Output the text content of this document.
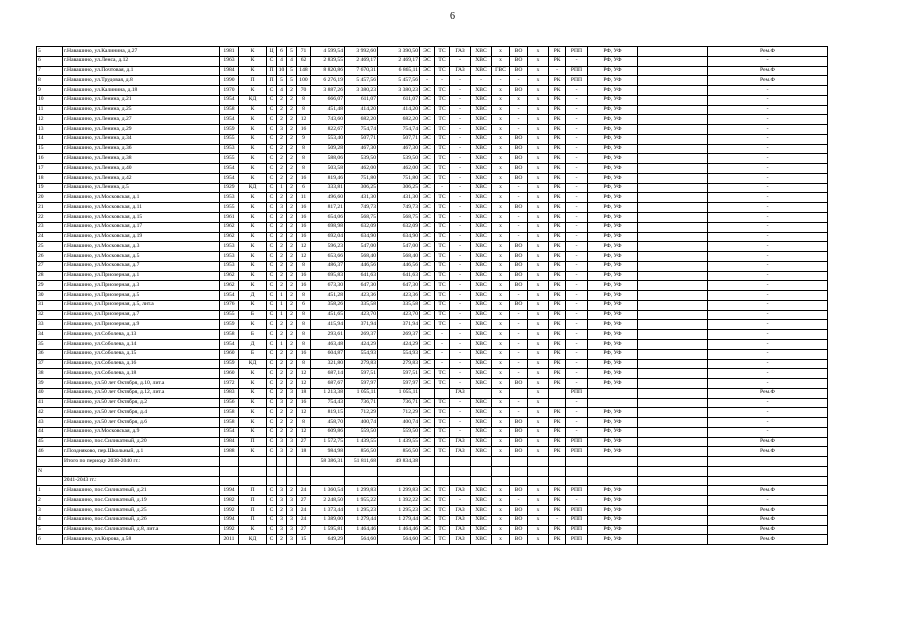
6
5	г.Навашино, ул.Калинина, д.27	1981	К	Ц	6	5	71	4 599,54	3 992,60	3 390,50	ЭС	ТС	ГАЗ	ХВС	х	ВО	х	РК	РПП	РФ, УФ		Рем.Ф
6	г.Навашино, ул.Ленса, д.12	1963	К	С	4	4	62	2 839,55	2 469,17	2 469,17	ЭС	ТС	-	ХВС	х	ВО	х	РК	-	РФ, УФ		-
7	г.Навашино, ул.Почтовая, д.1	1984	К	П	10	5	148	8 820,86	7 670,31	6 865,11	ЭС	ТС	ГАЗ	ХВС	ГВС	ВО	х	-	РПП	РФ, УФ		Рем.Ф
8	г.Навашино, ул.Трудовая, д.8	1990	П	П	5	5	100	6 276,19	5 457,56	5 457,56	-	-	-	-	-	-	х	РК	РПП	РФ, УФ		Рем.Ф
9	г.Навашино, ул.Калинина, д.18	1970	К	С	4	2	70	3 887,26	3 380,23	3 380,23	ЭС	ТС	-	ХВС	х	ВО	х	РК	-	РФ, УФ		-
10	г.Навашино, ул.Ленина, д.21	1954	КД	С	2	2	8	666,07	611,07	611,07	ЭС	ТС	-	ХВС	х	х	х	РК	-	РФ, УФ		-
11	г.Навашино, ул.Ленина, д.25	1958	К	С	2	2	8	451,48	414,20	414,20	ЭС	ТС	-	ХВС	х	-	х	РК	-	РФ, УФ		-
12	г.Навашино, ул.Ленина, д.27	1954	К	С	2	2	12	743,60	682,20	682,20	ЭС	ТС	-	ХВС	х	-	х	РК	-	РФ, УФ		-
13	г.Навашино, ул.Ленина, д.29	1959	К	С	3	2	16	822,67	754,74	754,74	ЭС	ТС	-	ХВС	х	-	х	РК	-	РФ, УФ		-
14	г.Навашино, ул.Ленина, д.34	1955	К	С	2	2	9	553,40	507,71	507,71	ЭС	ТС	-	ХВС	х	ВО	х	РК	-	РФ, УФ		-
15	г.Навашино, ул.Ленина, д.36	1953	К	С	2	2	8	509,28	467,30	467,30	ЭС	ТС	-	ХВС	х	ВО	х	РК	-	РФ, УФ		-
16	г.Навашино, ул.Ленина, д.38	1955	К	С	2	2	8	588,06	539,50	539,50	ЭС	ТС	-	ХВС	х	ВО	х	РК	-	РФ, УФ		-
17	г.Навашино, ул.Ленина, д.40	1954	К	С	2	2	8	503,58	462,00	462,00	ЭС	ТС	-	ХВС	х	ВО	х	РК	-	РФ, УФ		-
18	г.Навашино, ул.Ленина, д.42	1954	К	С	2	2	16	819,46	751,80	751,80	ЭС	ТС	-	ХВС	х	ВО	х	РК	-	РФ, УФ		-
19	г.Навашино, ул.Ленина, д.5	1929	КД	С	1	2	6	333,81	306,25	306,25	ЭС	-	-	ХВС	х	-	х	РК	-	РФ, УФ		-
20	г.Навашино, ул.Московская, д.1	1953	К	С	2	2	11	496,60	431,30	431,30	ЭС	ТС	-	ХВС	х	-	х	РК	-	РФ, УФ		-
21	г.Навашино, ул.Московская, д.11	1955	К	С	3	2	16	817,21	749,73	749,73	ЭС	ТС	-	ХВС	х	ВО	х	РК	-	РФ, УФ		-
22	г.Навашино, ул.Московская, д.15	1961	К	С	2	2	16	654,06	568,75	568,75	ЭС	ТС	-	ХВС	х	-	х	РК	-	РФ, УФ		-
23	г.Навашино, ул.Московская, д.17	1962	К	С	2	2	16	698,98	632,09	632,09	ЭС	ТС	-	ХВС	х	-	х	РК	-	РФ, УФ		-
24	г.Навашино, ул.Московская, д.19	1962	К	С	2	2	16	692,04	634,90	634,90	ЭС	ТС	-	ХВС	х	-	х	РК	-	РФ, УФ		-
25	г.Навашино, ул.Московская, д.3	1953	К	С	2	2	12	596,23	547,00	547,00	ЭС	ТС	-	ХВС	х	ВО	х	РК	-	РФ, УФ		-
26	г.Навашино, ул.Московская, д.5	1953	К	С	2	2	12	653,66	568,40	568,40	ЭС	ТС	-	ХВС	х	ВО	х	РК	-	РФ, УФ		-
27	г.Навашино, ул.Московская, д.7	1953	К	С	2	2	8	486,37	446,56	446,56	ЭС	ТС	-	ХВС	х	ВО	х	РК	-	РФ, УФ		-
28	г.Навашино, ул.Приозерная, д.1	1962	К	С	2	2	16	695,83	641,63	641,63	ЭС	ТС	-	ХВС	х	ВО	х	РК	-	РФ, УФ		-
29	г.Навашино, ул.Приозерная, д.3	1962	К	С	2	2	16	673,30	647,30	647,30	ЭС	ТС	-	ХВС	х	ВО	х	РК	-	РФ, УФ		-
30	г.Навашино, ул.Приозерная, д.5	1954	Д	С	1	2	8	451,28	423,36	423,36	ЭС	ТС	-	ХВС	х	-	х	РК	-	РФ, УФ		-
31	г.Навашино, ул.Приозерная, д.5, лит.а	1976	К	С	1	2	6	358,26	335,58	335,58	ЭС	ТС	-	ХВС	х	ВО	х	РК	-	РФ, УФ		-
32	г.Навашино, ул.Приозерная, д.7	1955	Б	С	1	2	8	451,65	423,70	423,70	ЭС	ТС	-	ХВС	х	-	х	РК	-	РФ, УФ		-
33	г.Навашино, ул.Приозерная, д.9	1959	К	С	2	2	8	415,94	371,94	371,94	ЭС	ТС	-	ХВС	х	-	х	РК	-	РФ, УФ		-
34	г.Навашино, ул.Соболева, д.13	1958	Б	С	2	2	8	293,61	269,37	269,37	ЭС	-	-	ХВС	х	-	х	РК	-	РФ, УФ		-
35	г.Навашино, ул.Соболева, д.14	1954	Д	С	1	2	8	463,48	424,29	424,29	ЭС	-	-	ХВС	х	-	х	РК	-	РФ, УФ		-
36	г.Навашино, ул.Соболева, д.15	1960	Б	С	2	2	16	604,87	554,93	554,93	ЭС	-	-	ХВС	х	-	х	РК	-	РФ, УФ		-
37	г.Навашино, ул.Соболева, д.16	1959	КД	С	2	2	8	321,80	279,83	279,83	ЭС	-	-	ХВС	х	-	х	РК	-	РФ, УФ		-
38	г.Навашино, ул.Соболева, д.18	1960	К	С	2	2	12	687,14	597,51	597,51	ЭС	ТС	-	ХВС	х	-	х	РК	-	РФ, УФ		-
39	г.Навашино, ул.50 лет Октября, д.10, лит.а	1972	К	С	2	2	12	687,67	597,97	597,97	ЭС	ТС	-	ХВС	х	ВО	х	РК	-	РФ, УФ		-
40	г.Навашино, ул.50 лет Октября, д.12, лит.а	1983	К	С	2	3	18	1 213,38	1 055,11	1 055,11			ГАЗ		х		х		РПП			Рем.Ф
41	г.Навашино, ул.50 лет Октября, д.2	1956	К	С	3	2	16	754,43	736,71	736,71	ЭС	ТС	-	ХВС	х	-	х		-			-
42	г.Навашино, ул.50 лет Октября, д.4	1958	К	С	2	2	12	819,15	712,29	712,29	ЭС	ТС	-	ХВС	х	-	х	РК	-	РФ, УФ		-
43	г.Навашино, ул.50 лет Октября, д.6	1958	К	С	2	2	8	458,70	400,74	400,74	ЭС	ТС	-	ХВС	х	ВО	х	РК	-	РФ, УФ		-
44	г.Навашино, ул.Московская, д.9	1954	К	С	2	2	12	609,86	559,50	559,50	ЭС	ТС	-	ХВС	х	ВО	х	РК	-	РФ, УФ		-
45	г.Навашино, пос.Силикатный, д.20	1984	П	С	3	3	27	1 572,75	1 439,55	1 439,55	ЭС	ТС	ГАЗ	ХВС	х	ВО	х	РК	РПП	РФ, УФ		Рем.Ф
46	г.Поздняково, пер.Школьный, д.1	1988	К	С	3	2	18	984,98	856,50	856,50	ЭС	ТС	ГАЗ	ХВС	х	ВО	х	РК	РПП	РФ, УФ		Рем.Ф
	Итого по периоду 2038-2040 гг.:							58 386,31	51 811,68	49 834,38												
N																						
	2041-2043 гг.:																					
1	г.Навашино, пос.Силикатный, д.21	1994	П	С	3	2	24	1 360,54	1 299,83	1 299,83	ЭС	ТС	ГАЗ	ХВС	х	ВО	х	РК	РПП	РФ, УФ		Рем.Ф
2	г.Навашино, пос.Силикатный, д.19	1982	П	С	3	3	27	2 248,50	1 955,22	1 392,22	ЭС	ТС	-	ХВС	х	-	х	РК	-	РФ, УФ		-
3	г.Навашино, пос.Силикатный, д.25	1992	П	С	2	3	24	1 373,44	1 295,23	1 295,23	ЭС	ТС	ГАЗ	ХВС	х	ВО	х	РК	РПП	РФ, УФ		Рем.Ф
4	г.Навашино, пос.Силикатный, д.26	1994	П	С	3	3	24	1 389,00	1 279,44	1 279,44	ЭС	ТС	ГАЗ	ХВС	х	ВО	х	-	РПП	РФ, УФ		Рем.Ф
5	г.Навашино, пос.Силикатный, д.8, лит.а	1992	К	С	3	3	27	1 595,81	1 464,46	1 464,46	ЭС	ТС	ГАЗ	ХВС	х	ВО	х	РК	РПП	РФ, УФ		Рем.Ф
6	г.Навашино, ул.Кирова, д.58	2011	КД	С	2	3	15	649,29	564,60	564,60	ЭС	ТС	ГАЗ	ХВС	х	ВО	х	РК	РПП	РФ, УФ		Рем.Ф
